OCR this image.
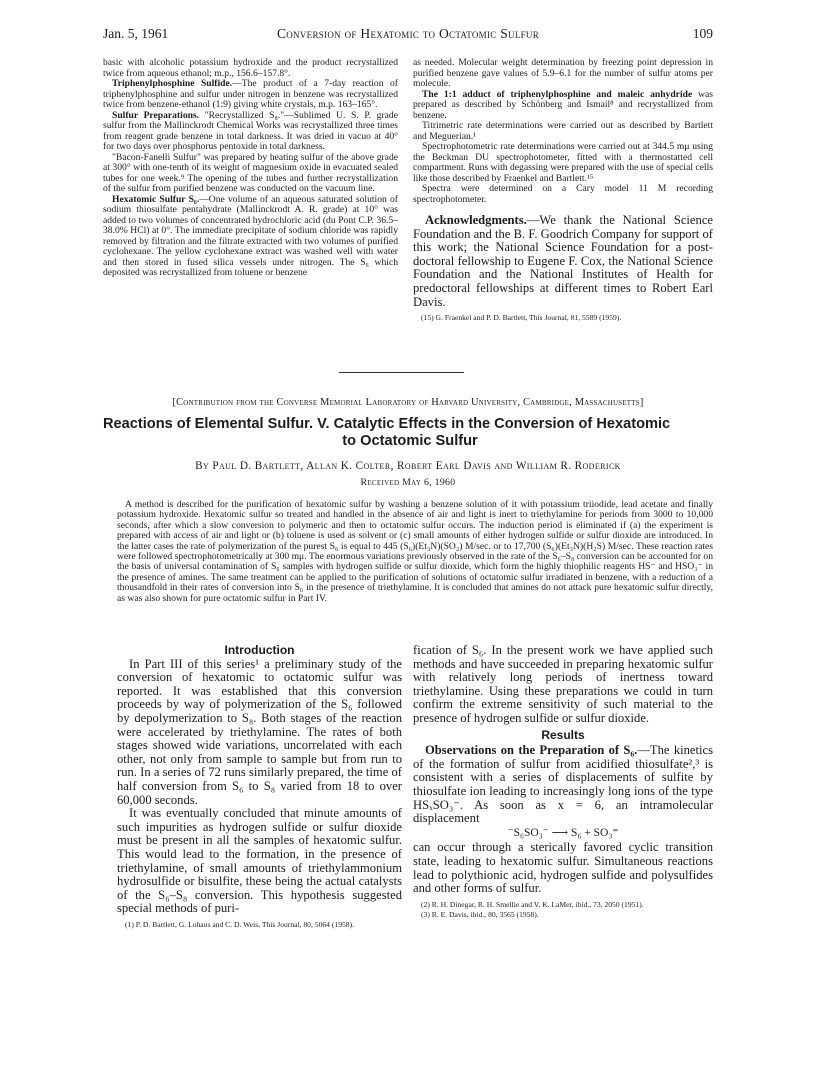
Jan. 5, 1961	Conversion of Hexatomic to Octatomic Sulfur	109

basic with alcoholic potassium hydroxide and the product recrystallized twice from aqueous ethanol; m.p., 156.6–157.8°.

Triphenylphosphine Sulfide.—The product of a 7-day reaction of triphenylphosphine and sulfur under nitrogen in benzene was recrystallized twice from benzene-ethanol (1:9) giving white crystals, m.p. 163–165°.

Sulfur Preparations. "Recrystallized S₈."—Sublimed U. S. P. grade sulfur from the Mallinckrodt Chemical Works was recrystallized three times from reagent grade benzene in total darkness. It was dried in vacuo at 40° for two days over phosphorus pentoxide in total darkness.

"Bacon-Fanelli Sulfur" was prepared by heating sulfur of the above grade at 300° with one-tenth of its weight of magnesium oxide in evacuated sealed tubes for one week.⁹ The opening of the tubes and further recrystallization of the sulfur from purified benzene was conducted on the vacuum line.

Hexatomic Sulfur S₆.—One volume of an aqueous saturated solution of sodium thiosulfate pentahydrate (Mallinckrodt A. R. grade) at 10° was added to two volumes of concentrated hydrochloric acid (du Pont C.P. 36.5–38.0% HCl) at 0°. The immediate precipitate of sodium chloride was rapidly removed by filtration and the filtrate extracted with two volumes of purified cyclohexane. The yellow cyclohexane extract was washed well with water and then stored in fused silica vessels under nitrogen. The S₆ which deposited was recrystallized from toluene or benzene

as needed. Molecular weight determination by freezing point depression in purified benzene gave values of 5.9–6.1 for the number of sulfur atoms per molecule.

The 1:1 adduct of triphenylphosphine and maleic anhydride was prepared as described by Schönberg and Ismail⁸ and recrystallized from benzene.

Titrimetric rate determinations were carried out as described by Bartlett and Meguerian.¹

Spectrophotometric rate determinations were carried out at 344.5 mμ using the Beckman DU spectrophotometer, fitted with a thermostatted cell compartment. Runs with degassing were prepared with the use of special cells like those described by Fraenkel and Bartlett.¹⁵

Spectra were determined on a Cary model 11 M recording spectrophotometer.

Acknowledgments.—We thank the National Science Foundation and the B. F. Goodrich Company for support of this work; the National Science Foundation for a post-doctoral fellowship to Eugene F. Cox, the National Science Foundation and the National Institutes of Health for predoctoral fellowships at different times to Robert Earl Davis.

(15) G. Fraenkel and P. D. Bartlett, This Journal, 81, 5589 (1959).

[Contribution from the Converse Memorial Laboratory of Harvard University, Cambridge, Massachusetts]
Reactions of Elemental Sulfur. V. Catalytic Effects in the Conversion of Hexatomic
to Octatomic Sulfur
By Paul D. Bartlett, Allan K. Colter, Robert Earl Davis and William R. Roderick
Received May 6, 1960
A method is described for the purification of hexatomic sulfur by washing a benzene solution of it with potassium triiodide, lead acetate and finally potassium hydroxide. Hexatomic sulfur so treated and handled in the absence of air and light is inert to triethylamine for periods from 3000 to 10,000 seconds, after which a slow conversion to polymeric and then to octatomic sulfur occurs. The induction period is eliminated if (a) the experiment is prepared with access of air and light or (b) toluene is used as solvent or (c) small amounts of either hydrogen sulfide or sulfur dioxide are introduced. In the latter cases the rate of polymerization of the purest S₆ is equal to 445 (S₆)(Et₃N)(SO₂) M/sec. or to 17,700 (S₆)(Et₃N)(H₂S) M/sec. These reaction rates were followed spectrophotometrically at 300 mμ. The enormous variations previously observed in the rate of the S₆–S₈ conversion can be accounted for on the basis of universal contamination of S₆ samples with hydrogen sulfide or sulfur dioxide, which form the highly thiophilic reagents HS⁻ and HSO₃⁻ in the presence of amines. The same treatment can be applied to the purification of solutions of octatomic sulfur irradiated in benzene, with a reduction of a thousandfold in their rates of conversion into S₆ in the presence of triethylamine. It is concluded that amines do not attack pure hexatomic sulfur directly, as was also shown for pure octatomic sulfur in Part IV.

Introduction

In Part III of this series¹ a preliminary study of the conversion of hexatomic to octatomic sulfur was reported. It was established that this conversion proceeds by way of polymerization of the S₆ followed by depolymerization to S₈. Both stages of the reaction were accelerated by triethylamine. The rates of both stages showed wide variations, uncorrelated with each other, not only from sample to sample but from run to run. In a series of 72 runs similarly prepared, the time of half conversion from S₆ to S₈ varied from 18 to over 60,000 seconds.

It was eventually concluded that minute amounts of such impurities as hydrogen sulfide or sulfur dioxide must be present in all the samples of hexatomic sulfur. This would lead to the formation, in the presence of triethylamine, of small amounts of triethylammonium hydrosulfide or bisulfite, these being the actual catalysts of the S₆–S₈ conversion. This hypothesis suggested special methods of puri-

(1) P. D. Bartlett, G. Lohaus and C. D. Weis, This Journal, 80, 5064 (1958).

fication of S₆. In the present work we have applied such methods and have succeeded in preparing hexatomic sulfur with relatively long periods of inertness toward triethylamine. Using these preparations we could in turn confirm the extreme sensitivity of such material to the presence of hydrogen sulfide or sulfur dioxide.

Results

Observations on the Preparation of S₆.—The kinetics of the formation of sulfur from acidified thiosulfate²,³ is consistent with a series of displacements of sulfite by thiosulfate ion leading to increasingly long ions of the type HSₓSO₃⁻. As soon as x = 6, an intramolecular displacement

⁻S₆SO₃⁻ ⟶ S₆ + SO₃⁼

can occur through a sterically favored cyclic transition state, leading to hexatomic sulfur. Simultaneous reactions lead to polythionic acid, hydrogen sulfide and polysulfides and other forms of sulfur.

(2) R. H. Dinegar, R. H. Smellie and V. K. LaMer, ibid., 73, 2050 (1951).

(3) R. E. Davis, ibid., 80, 3565 (1958).
